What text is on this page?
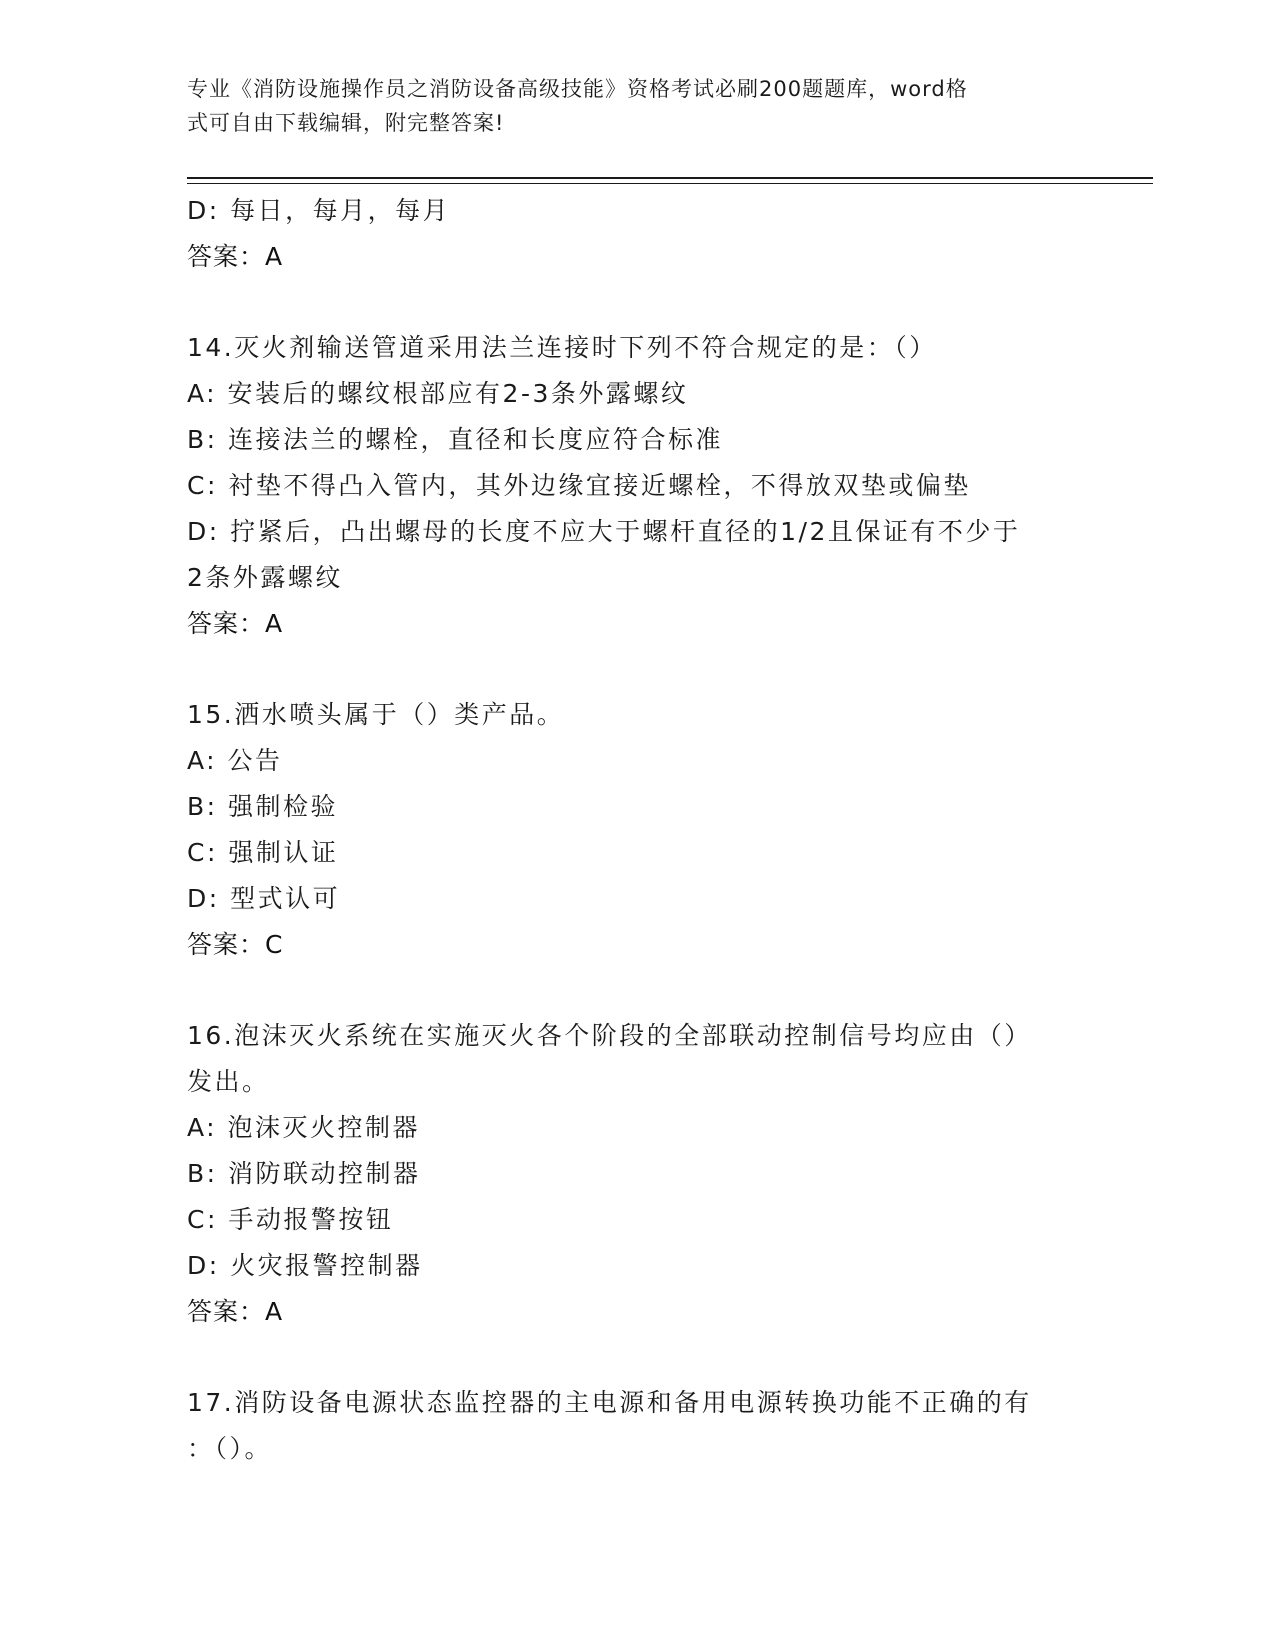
专业《消防设施操作员之消防设备高级技能》资格考试必刷200题题库，word格
式可自由下载编辑，附完整答案!
D: 每日，每月，每月
答案：A
14.灭火剂输送管道采用法兰连接时下列不符合规定的是：（）
A: 安装后的螺纹根部应有2-3条外露螺纹
B: 连接法兰的螺栓，直径和长度应符合标准
C: 衬垫不得凸入管内，其外边缘宜接近螺栓，不得放双垫或偏垫
D: 拧紧后，凸出螺母的长度不应大于螺杆直径的1/2且保证有不少于
2条外露螺纹
答案：A
15.洒水喷头属于（）类产品。
A: 公告
B: 强制检验
C: 强制认证
D: 型式认可
答案：C
16.泡沫灭火系统在实施灭火各个阶段的全部联动控制信号均应由（）
发出。
A: 泡沫灭火控制器
B: 消防联动控制器
C: 手动报警按钮
D: 火灾报警控制器
答案：A
17.消防设备电源状态监控器的主电源和备用电源转换功能不正确的有
：（）。
